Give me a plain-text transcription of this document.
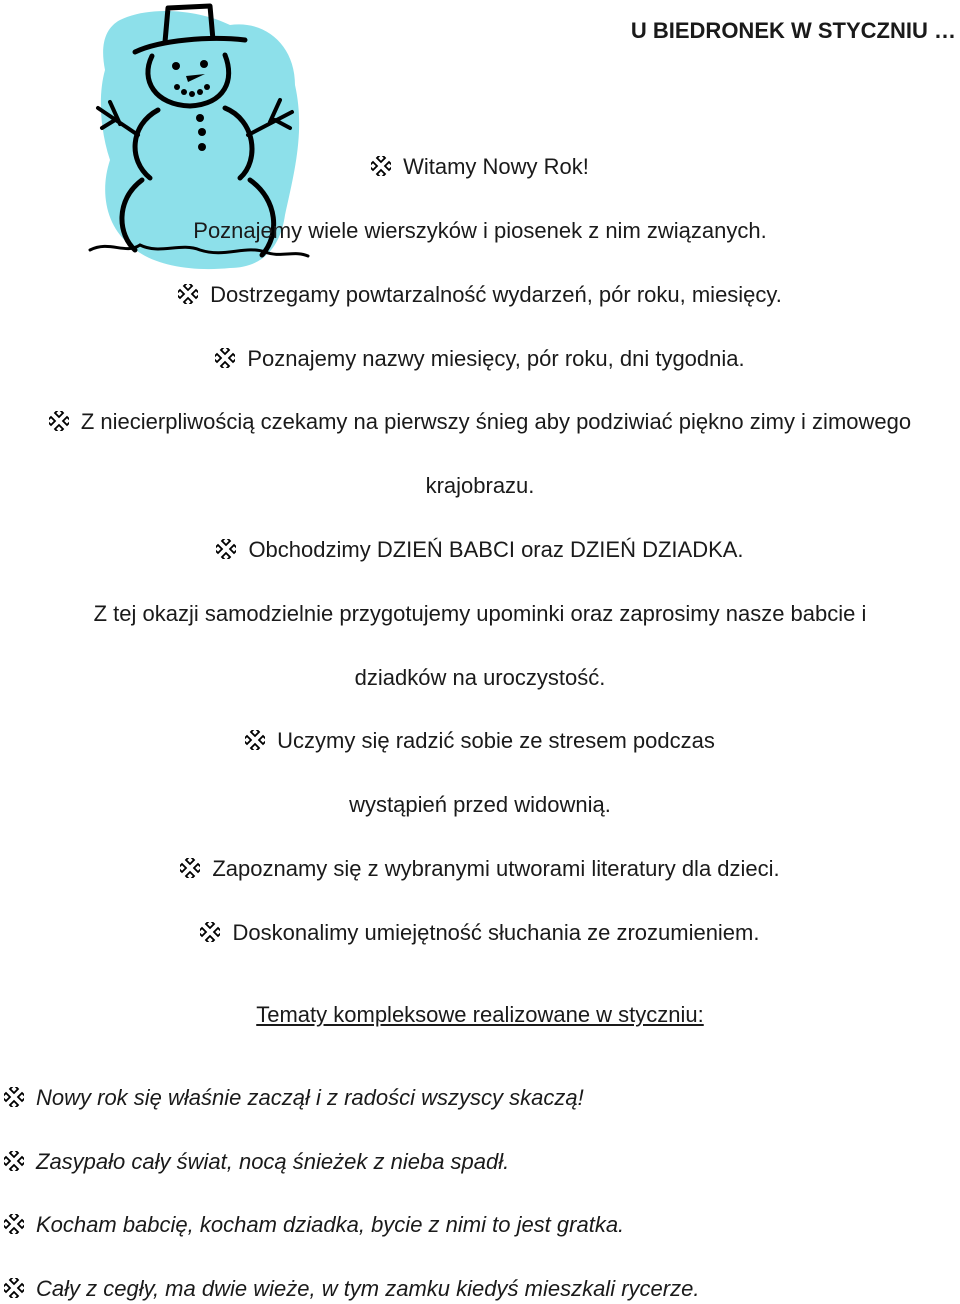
U BIEDRONEK W STYCZNIU …
Witamy Nowy Rok!
Poznajemy wiele wierszyków i piosenek z nim związanych.
Dostrzegamy powtarzalność wydarzeń, pór roku, miesięcy.
Poznajemy nazwy miesięcy, pór roku, dni tygodnia.
Z niecierpliwością czekamy na pierwszy śnieg aby podziwiać piękno zimy i zimowego
krajobrazu.
Obchodzimy DZIEŃ BABCI oraz DZIEŃ DZIADKA.
Z tej okazji samodzielnie przygotujemy upominki oraz zaprosimy nasze babcie i
dziadków na uroczystość.
Uczymy się radzić sobie ze stresem podczas
wystąpień przed widownią.
Zapoznamy się z wybranymi utworami literatury dla dzieci.
Doskonalimy umiejętność słuchania ze zrozumieniem.
Tematy kompleksowe realizowane w styczniu:
Nowy rok się właśnie zaczął i z radości wszyscy skaczą!
Zasypało cały świat, nocą śnieżek z nieba spadł.
Kocham babcię, kocham dziadka, bycie z nimi to jest gratka.
Cały z cegły, ma dwie wieże, w tym zamku kiedyś mieszkali rycerze.
